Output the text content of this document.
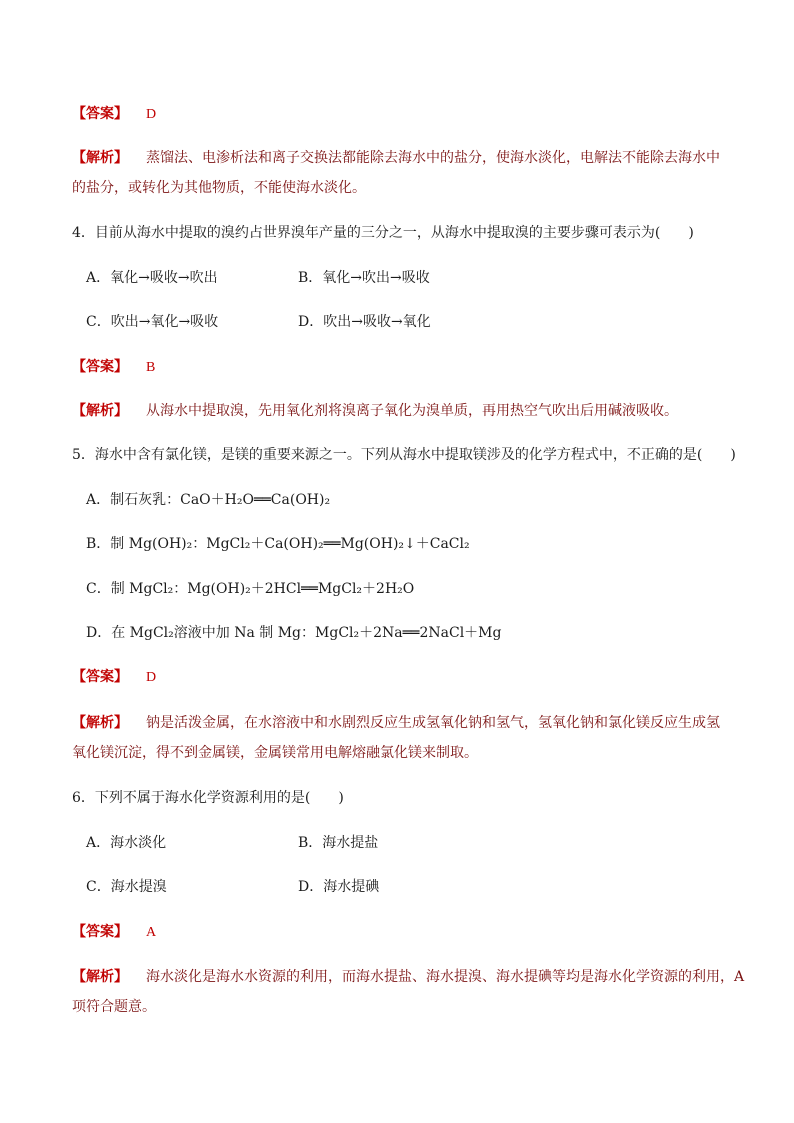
【答案】 D
【解析】 蒸馏法、电渗析法和离子交换法都能除去海水中的盐分，使海水淡化，电解法不能除去海水中
的盐分，或转化为其他物质，不能使海水淡化。
4．目前从海水中提取的溴约占世界溴年产量的三分之一，从海水中提取溴的主要步骤可表示为(　　)
A．氧化→吸收→吹出	B．氧化→吹出→吸收
C．吹出→氧化→吸收	D．吹出→吸收→氧化
【答案】 B
【解析】 从海水中提取溴，先用氧化剂将溴离子氧化为溴单质，再用热空气吹出后用碱液吸收。
5．海水中含有氯化镁，是镁的重要来源之一。下列从海水中提取镁涉及的化学方程式中，不正确的是(　　)
A．制石灰乳：CaO＋H₂O══Ca(OH)₂
B．制 Mg(OH)₂：MgCl₂＋Ca(OH)₂══Mg(OH)₂↓＋CaCl₂
C．制 MgCl₂：Mg(OH)₂＋2HCl══MgCl₂＋2H₂O
D．在 MgCl₂溶液中加 Na 制 Mg：MgCl₂＋2Na══2NaCl＋Mg
【答案】 D
【解析】 钠是活泼金属，在水溶液中和水剧烈反应生成氢氧化钠和氢气，氢氧化钠和氯化镁反应生成氢
氧化镁沉淀，得不到金属镁，金属镁常用电解熔融氯化镁来制取。
6．下列不属于海水化学资源利用的是(　　)
A．海水淡化	B．海水提盐
C．海水提溴	D．海水提碘
【答案】 A
【解析】 海水淡化是海水水资源的利用，而海水提盐、海水提溴、海水提碘等均是海水化学资源的利用，A
项符合题意。
